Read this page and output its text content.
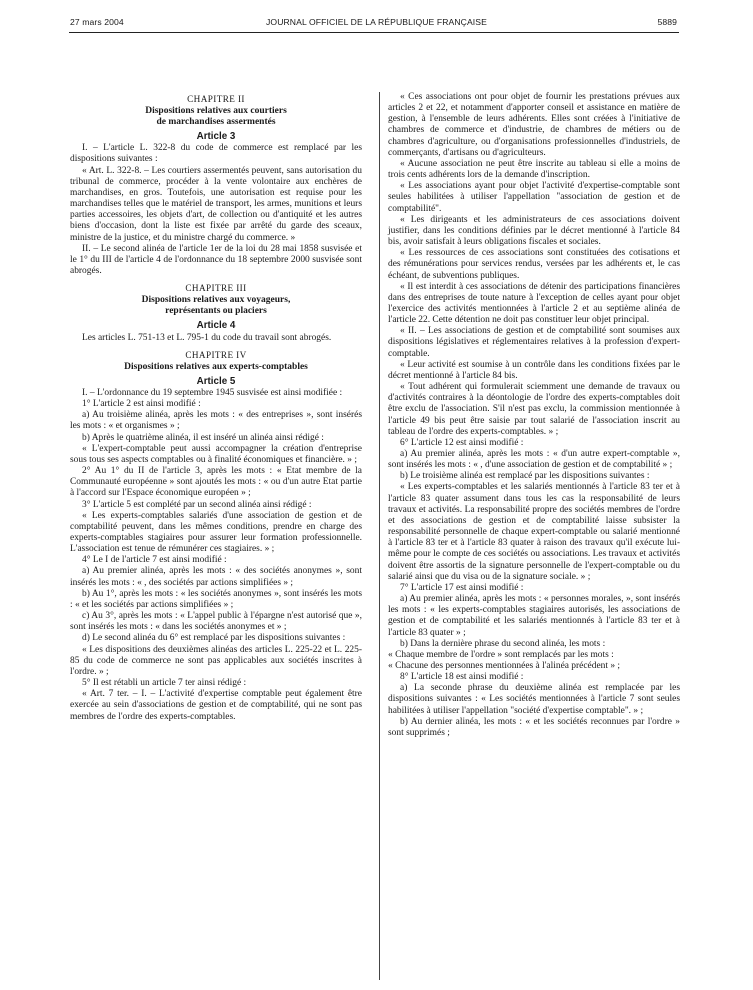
27 mars 2004	JOURNAL OFFICIEL DE LA RÉPUBLIQUE FRANÇAISE	5889

CHAPITRE II

Dispositions relatives aux courtiers

de marchandises assermentés

Article 3

I. – L'article L. 322-8 du code de commerce est remplacé par les dispositions suivantes :

« Art. L. 322-8. – Les courtiers assermentés peuvent, sans autorisation du tribunal de commerce, procéder à la vente volontaire aux enchères de marchandises, en gros. Toutefois, une autorisation est requise pour les marchandises telles que le matériel de transport, les armes, munitions et leurs parties accessoires, les objets d'art, de collection ou d'antiquité et les autres biens d'occasion, dont la liste est fixée par arrêté du garde des sceaux, ministre de la justice, et du ministre chargé du commerce. »

II. – Le second alinéa de l'article 1er de la loi du 28 mai 1858 susvisée et le 1° du III de l'article 4 de l'ordonnance du 18 septembre 2000 susvisée sont abrogés.

CHAPITRE III

Dispositions relatives aux voyageurs,

représentants ou placiers

Article 4

Les articles L. 751-13 et L. 795-1 du code du travail sont abrogés.

CHAPITRE IV

Dispositions relatives aux experts-comptables

Article 5

I. – L'ordonnance du 19 septembre 1945 susvisée est ainsi modifiée :

1° L'article 2 est ainsi modifié :

a) Au troisième alinéa, après les mots : « des entreprises », sont insérés les mots : « et organismes » ;

b) Après le quatrième alinéa, il est inséré un alinéa ainsi rédigé :

« L'expert-comptable peut aussi accompagner la création d'entreprise sous tous ses aspects comptables ou à finalité économiques et financière. » ;

2° Au 1° du II de l'article 3, après les mots : « Etat membre de la Communauté européenne » sont ajoutés les mots : « ou d'un autre Etat partie à l'accord sur l'Espace économique européen » ;

3° L'article 5 est complété par un second alinéa ainsi rédigé :

« Les experts-comptables salariés d'une association de gestion et de comptabilité peuvent, dans les mêmes conditions, prendre en charge des experts-comptables stagiaires pour assurer leur formation professionnelle. L'association est tenue de rémunérer ces stagiaires. » ;

4° Le I de l'article 7 est ainsi modifié :

a) Au premier alinéa, après les mots : « des sociétés anonymes », sont insérés les mots : « , des sociétés par actions simplifiées » ;

b) Au 1°, après les mots : « les sociétés anonymes », sont insérés les mots : « et les sociétés par actions simplifiées » ;

c) Au 3°, après les mots : « L'appel public à l'épargne n'est autorisé que », sont insérés les mots : « dans les sociétés anonymes et » ;

d) Le second alinéa du 6° est remplacé par les dispositions suivantes :

« Les dispositions des deuxièmes alinéas des articles L. 225-22 et L. 225-85 du code de commerce ne sont pas applicables aux sociétés inscrites à l'ordre. » ;

5° Il est rétabli un article 7 ter ainsi rédigé :

« Art. 7 ter. – I. – L'activité d'expertise comptable peut également être exercée au sein d'associations de gestion et de comptabilité, qui ne sont pas membres de l'ordre des experts-comptables.

« Ces associations ont pour objet de fournir les prestations prévues aux articles 2 et 22, et notamment d'apporter conseil et assistance en matière de gestion, à l'ensemble de leurs adhérents. Elles sont créées à l'initiative de chambres de commerce et d'industrie, de chambres de métiers ou de chambres d'agriculture, ou d'organisations professionnelles d'industriels, de commerçants, d'artisans ou d'agriculteurs.

« Aucune association ne peut être inscrite au tableau si elle a moins de trois cents adhérents lors de la demande d'inscription.

« Les associations ayant pour objet l'activité d'expertise-comptable sont seules habilitées à utiliser l'appellation "association de gestion et de comptabilité".

« Les dirigeants et les administrateurs de ces associations doivent justifier, dans les conditions définies par le décret mentionné à l'article 84 bis, avoir satisfait à leurs obligations fiscales et sociales.

« Les ressources de ces associations sont constituées des cotisations et des rémunérations pour services rendus, versées par les adhérents et, le cas échéant, de subventions publiques.

« Il est interdit à ces associations de détenir des participations financières dans des entreprises de toute nature à l'exception de celles ayant pour objet l'exercice des activités mentionnées à l'article 2 et au septième alinéa de l'article 22. Cette détention ne doit pas constituer leur objet principal.

« II. – Les associations de gestion et de comptabilité sont soumises aux dispositions législatives et réglementaires relatives à la profession d'expert-comptable.

« Leur activité est soumise à un contrôle dans les conditions fixées par le décret mentionné à l'article 84 bis.

« Tout adhérent qui formulerait sciemment une demande de travaux ou d'activités contraires à la déontologie de l'ordre des experts-comptables doit être exclu de l'association. S'il n'est pas exclu, la commission mentionnée à l'article 49 bis peut être saisie par tout salarié de l'association inscrit au tableau de l'ordre des experts-comptables. » ;

6° L'article 12 est ainsi modifié :

a) Au premier alinéa, après les mots : « d'un autre expert-comptable », sont insérés les mots : « , d'une association de gestion et de comptabilité » ;

b) Le troisième alinéa est remplacé par les dispositions suivantes :

« Les experts-comptables et les salariés mentionnés à l'article 83 ter et à l'article 83 quater assument dans tous les cas la responsabilité de leurs travaux et activités. La responsabilité propre des sociétés membres de l'ordre et des associations de gestion et de comptabilité laisse subsister la responsabilité personnelle de chaque expert-comptable ou salarié mentionné à l'article 83 ter et à l'article 83 quater à raison des travaux qu'il exécute lui-même pour le compte de ces sociétés ou associations. Les travaux et activités doivent être assortis de la signature personnelle de l'expert-comptable ou du salarié ainsi que du visa ou de la signature sociale. » ;

7° L'article 17 est ainsi modifié :

a) Au premier alinéa, après les mots : « personnes morales, », sont insérés les mots : « les experts-comptables stagiaires autorisés, les associations de gestion et de comptabilité et les salariés mentionnés à l'article 83 ter et à l'article 83 quater » ;

b) Dans la dernière phrase du second alinéa, les mots :

« Chaque membre de l'ordre » sont remplacés par les mots :

« Chacune des personnes mentionnées à l'alinéa précédent » ;

8° L'article 18 est ainsi modifié :

a) La seconde phrase du deuxième alinéa est remplacée par les dispositions suivantes : « Les sociétés mentionnées à l'article 7 sont seules habilitées à utiliser l'appellation "société d'expertise comptable". » ;

b) Au dernier alinéa, les mots : « et les sociétés reconnues par l'ordre » sont supprimés ;
